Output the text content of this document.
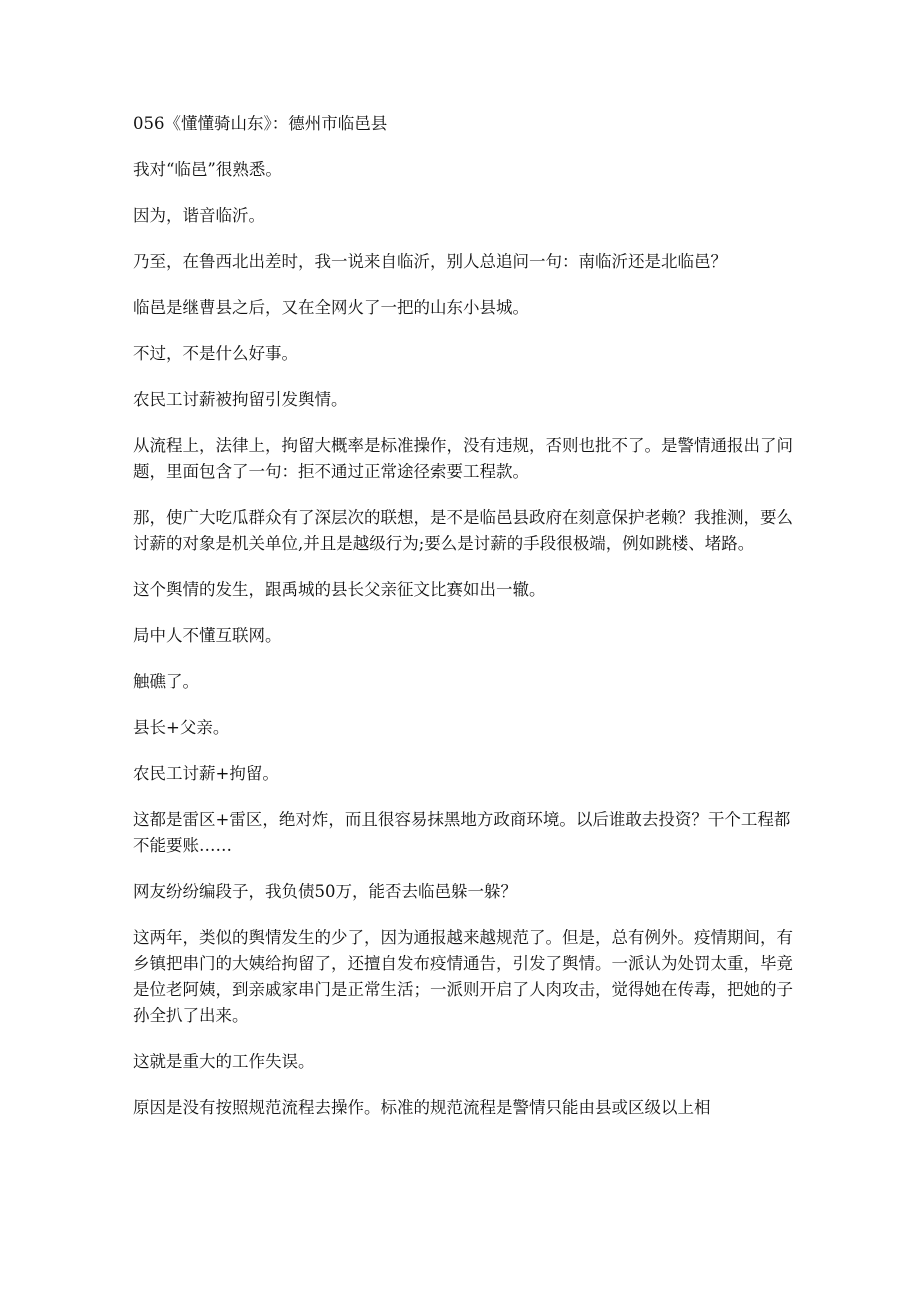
056《懂懂骑山东》：德州市临邑县

我对“临邑”很熟悉。

因为，谐音临沂。

乃至，在鲁西北出差时，我一说来自临沂，别人总追问一句：南临沂还是北临邑？

临邑是继曹县之后，又在全网火了一把的山东小县城。

不过，不是什么好事。

农民工讨薪被拘留引发舆情。

从流程上，法律上，拘留大概率是标准操作，没有违规，否则也批不了。是警情通报出了问题，里面包含了一句：拒不通过正常途径索要工程款。

那，使广大吃瓜群众有了深层次的联想，是不是临邑县政府在刻意保护老赖？我推测，要么讨薪的对象是机关单位,并且是越级行为;要么是讨薪的手段很极端，例如跳楼、堵路。

这个舆情的发生，跟禹城的县长父亲征文比赛如出一辙。

局中人不懂互联网。

触礁了。

县长+父亲。

农民工讨薪+拘留。

这都是雷区+雷区，绝对炸，而且很容易抹黑地方政商环境。以后谁敢去投资？干个工程都不能要账……

网友纷纷编段子，我负债50万，能否去临邑躲一躲？

这两年，类似的舆情发生的少了，因为通报越来越规范了。但是，总有例外。疫情期间，有乡镇把串门的大姨给拘留了，还擅自发布疫情通告，引发了舆情。一派认为处罚太重，毕竟是位老阿姨，到亲戚家串门是正常生活；一派则开启了人肉攻击，觉得她在传毒，把她的子孙全扒了出来。

这就是重大的工作失误。

原因是没有按照规范流程去操作。标准的规范流程是警情只能由县或区级以上相
